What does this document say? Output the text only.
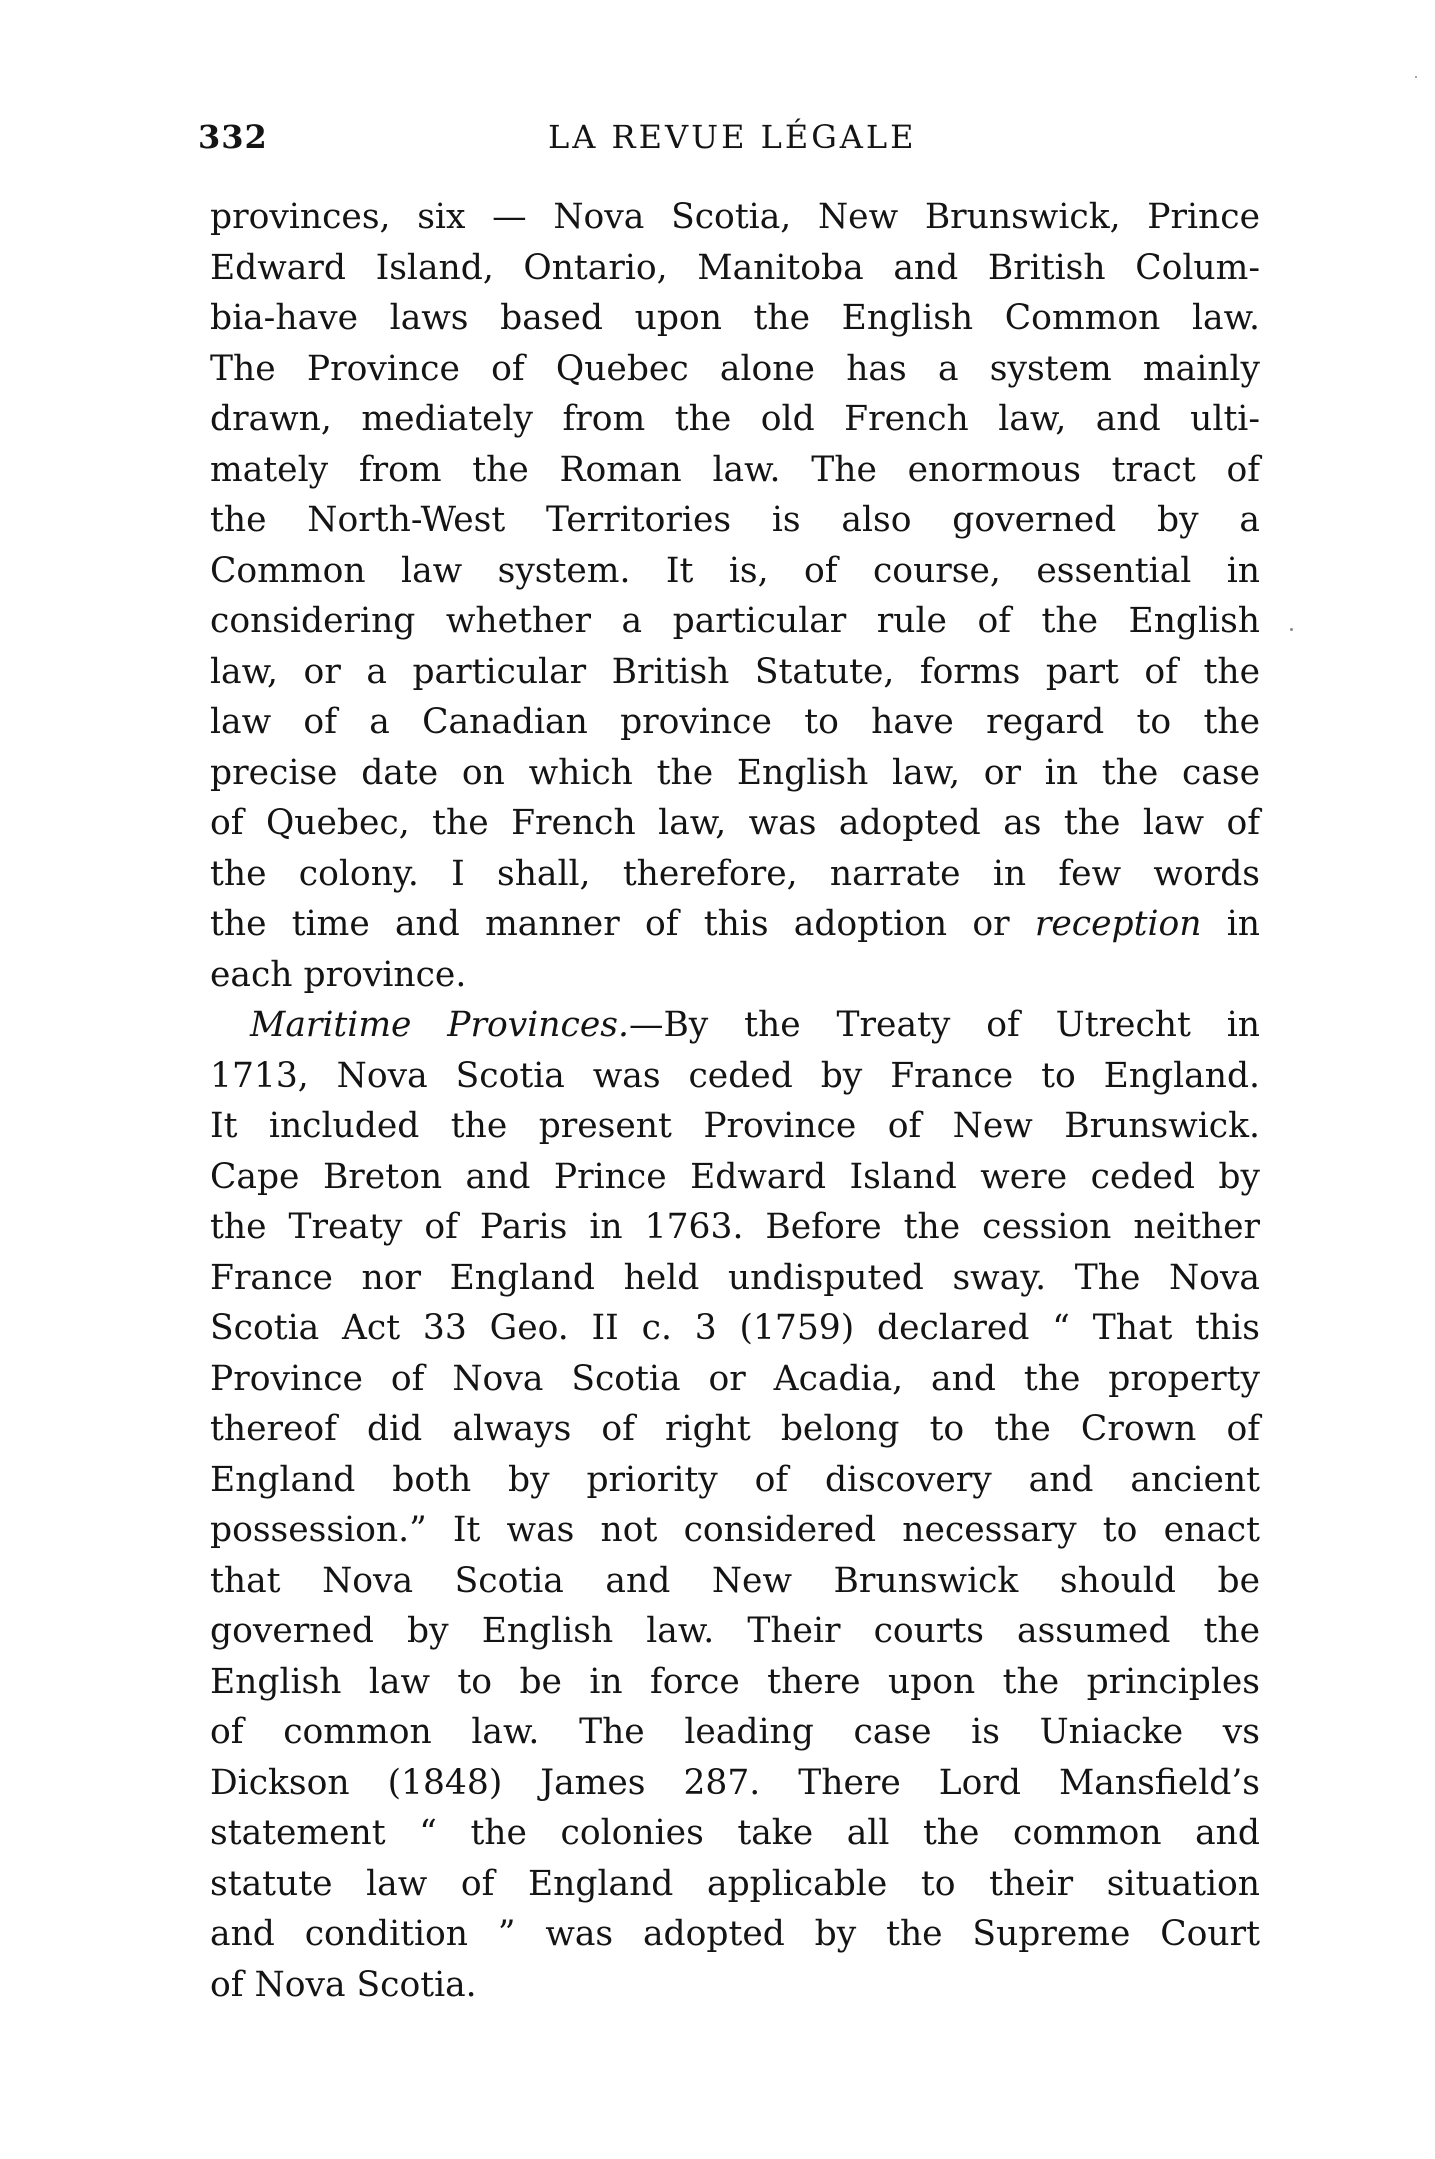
332	LA REVUE LÉGALE
provinces, six — Nova Scotia, New Brunswick, Prince
Edward Island, Ontario, Manitoba and British Colum-
bia-have laws based upon the English Common law.
The Province of Quebec alone has a system mainly
drawn, mediately from the old French law, and ulti-
mately from the Roman law. The enormous tract of
the North-West Territories is also governed by a
Common law system. It is, of course, essential in
considering whether a particular rule of the English
law, or a particular British Statute, forms part of the
law of a Canadian province to have regard to the
precise date on which the English law, or in the case
of Quebec, the French law, was adopted as the law of
the colony. I shall, therefore, narrate in few words
the time and manner of this adoption or reception in
each province.
Maritime Provinces.—By the Treaty of Utrecht in
1713, Nova Scotia was ceded by France to England.
It included the present Province of New Brunswick.
Cape Breton and Prince Edward Island were ceded by
the Treaty of Paris in 1763. Before the cession neither
France nor England held undisputed sway. The Nova
Scotia Act 33 Geo. II c. 3 (1759) declared “ That this
Province of Nova Scotia or Acadia, and the property
thereof did always of right belong to the Crown of
England both by priority of discovery and ancient
possession.” It was not considered necessary to enact
that Nova Scotia and New Brunswick should be
governed by English law. Their courts assumed the
English law to be in force there upon the principles
of common law. The leading case is Uniacke vs
Dickson (1848) James 287. There Lord Mansfield’s
statement “ the colonies take all the common and
statute law of England applicable to their situation
and condition ” was adopted by the Supreme Court
of Nova Scotia.
